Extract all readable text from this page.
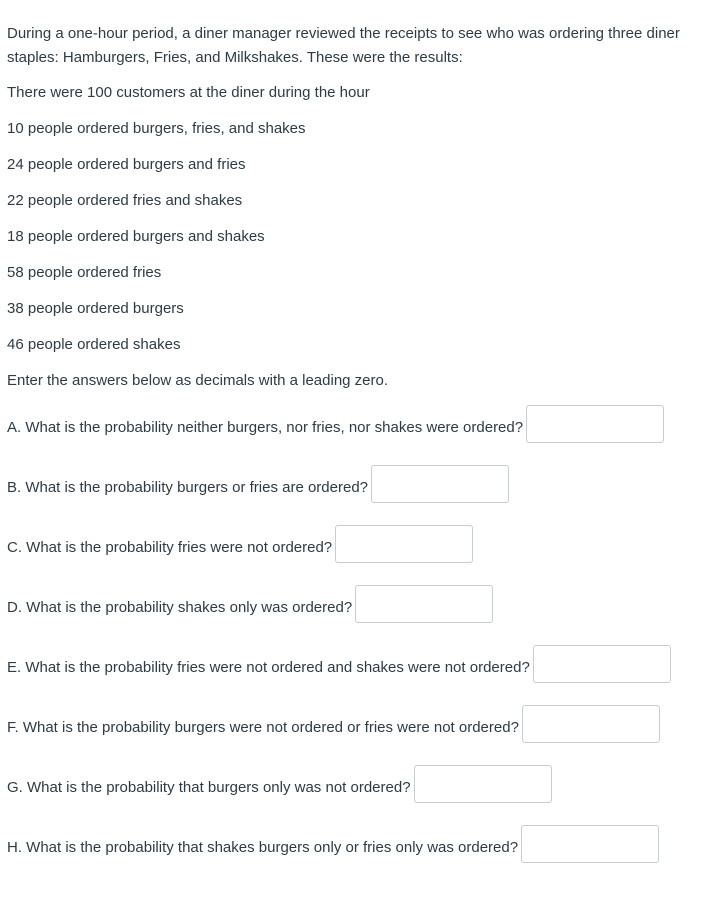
During a one-hour period, a diner manager reviewed the receipts to see who was ordering three diner staples: Hamburgers, Fries, and Milkshakes. These were the results:

There were 100 customers at the diner during the hour

10 people ordered burgers, fries, and shakes

24 people ordered burgers and fries

22 people ordered fries and shakes

18 people ordered burgers and shakes

58 people ordered fries

38 people ordered burgers

46 people ordered shakes

Enter the answers below as decimals with a leading zero.

A. What is the probability neither burgers, nor fries, nor shakes were ordered?
B. What is the probability burgers or fries are ordered?
C. What is the probability fries were not ordered?
D. What is the probability shakes only was ordered?
E. What is the probability fries were not ordered and shakes were not ordered?
F. What is the probability burgers were not ordered or fries were not ordered?
G. What is the probability that burgers only was not ordered?
H. What is the probability that shakes burgers only or fries only was ordered?
